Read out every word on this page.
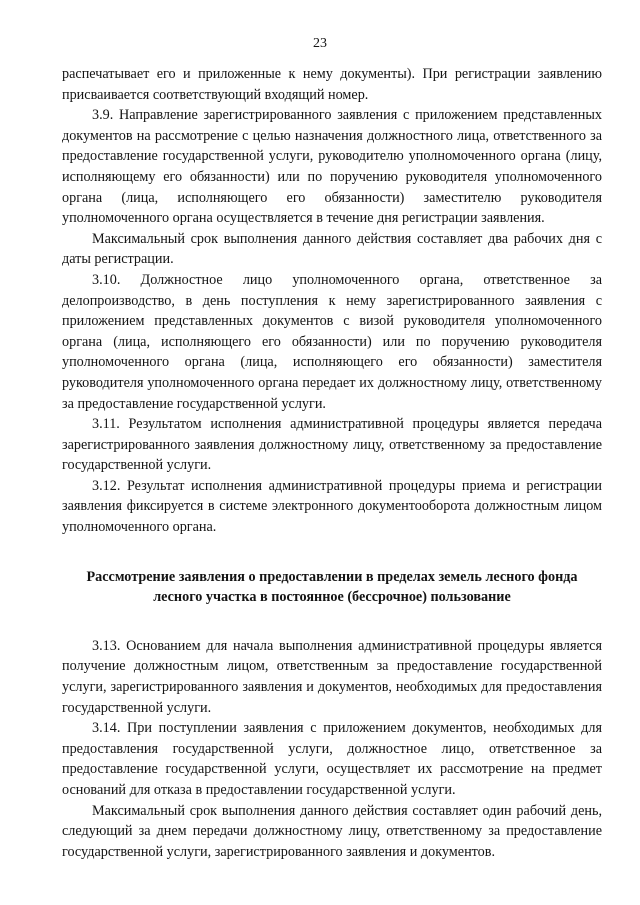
23

распечатывает его и приложенные к нему документы). При регистрации заявлению присваивается соответствующий входящий номер.

3.9. Направление зарегистрированного заявления с приложением представленных документов на рассмотрение с целью назначения должностного лица, ответственного за предоставление государственной услуги, руководителю уполномоченного органа (лицу, исполняющему его обязанности) или по поручению руководителя уполномоченного органа (лица, исполняющего его обязанности) заместителю руководителя уполномоченного органа осуществляется в течение дня регистрации заявления.

Максимальный срок выполнения данного действия составляет два рабочих дня с даты регистрации.

3.10. Должностное лицо уполномоченного органа, ответственное за делопроизводство, в день поступления к нему зарегистрированного заявления с приложением представленных документов с визой руководителя уполномоченного органа (лица, исполняющего его обязанности) или по поручению руководителя уполномоченного органа (лица, исполняющего его обязанности) заместителя руководителя уполномоченного органа передает их должностному лицу, ответственному за предоставление государственной услуги.

3.11. Результатом исполнения административной процедуры является передача зарегистрированного заявления должностному лицу, ответственному за предоставление государственной услуги.

3.12. Результат исполнения административной процедуры приема и регистрации заявления фиксируется в системе электронного документооборота должностным лицом уполномоченного органа.

Рассмотрение заявления о предоставлении в пределах земель лесного фонда лесного участка в постоянное (бессрочное) пользование

3.13. Основанием для начала выполнения административной процедуры является получение должностным лицом, ответственным за предоставление государственной услуги, зарегистрированного заявления и документов, необходимых для предоставления государственной услуги.

3.14. При поступлении заявления с приложением документов, необходимых для предоставления государственной услуги, должностное лицо, ответственное за предоставление государственной услуги, осуществляет их рассмотрение на предмет оснований для отказа в предоставлении государственной услуги.

Максимальный срок выполнения данного действия составляет один рабочий день, следующий за днем передачи должностному лицу, ответственному за предоставление государственной услуги, зарегистрированного заявления и документов.
